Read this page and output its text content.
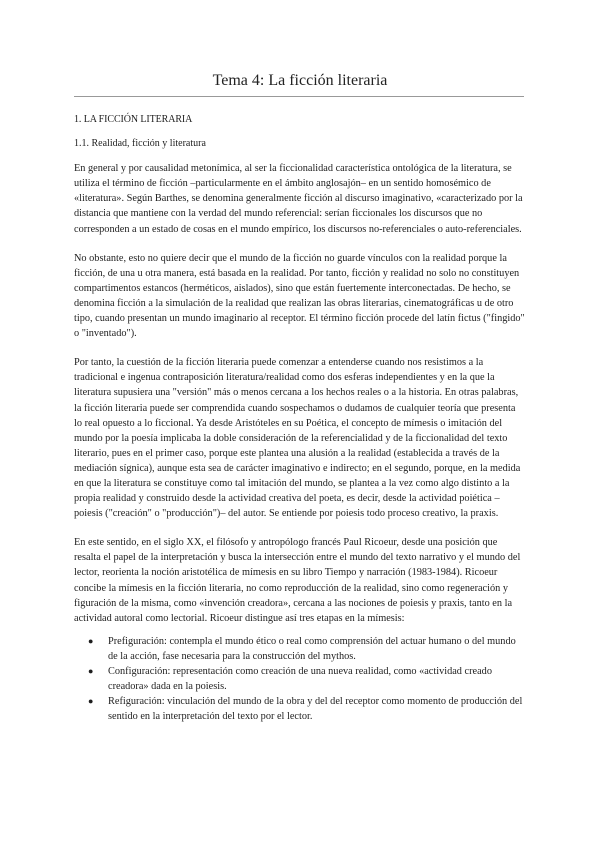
Tema 4: La ficción literaria

1. LA FICCIÓN LITERARIA

1.1. Realidad, ficción y literatura

En general y por causalidad metonímica, al ser la ficcionalidad característica ontológica de la literatura, se utiliza el término de ficción –particularmente en el ámbito anglosajón– en un sentido homosémico de «literatura». Según Barthes, se denomina generalmente ficción al discurso imaginativo, «caracterizado por la distancia que mantiene con la verdad del mundo referencial: serían ficcionales los discursos que no corresponden a un estado de cosas en el mundo empírico, los discursos no-referenciales o auto-referenciales.

No obstante, esto no quiere decir que el mundo de la ficción no guarde vínculos con la realidad porque la ficción, de una u otra manera, está basada en la realidad. Por tanto, ficción y realidad no solo no constituyen compartimentos estancos (herméticos, aislados), sino que están fuertemente interconectadas. De hecho, se denomina ficción a la simulación de la realidad que realizan las obras literarias, cinematográficas u de otro tipo, cuando presentan un mundo imaginario al receptor. El término ficción procede del latín fictus ("fingido" o "inventado").

Por tanto, la cuestión de la ficción literaria puede comenzar a entenderse cuando nos resistimos a la tradicional e ingenua contraposición literatura/realidad como dos esferas independientes y en la que la literatura supusiera una "versión" más o menos cercana a los hechos reales o a la historia. En otras palabras, la ficción literaria puede ser comprendida cuando sospechamos o dudamos de cualquier teoría que presenta lo real opuesto a lo ficcional. Ya desde Aristóteles en su Poética, el concepto de mímesis o imitación del mundo por la poesía implicaba la doble consideración de la referencialidad y de la ficcionalidad del texto literario, pues en el primer caso, porque este plantea una alusión a la realidad (establecida a través de la mediación sígnica), aunque esta sea de carácter imaginativo e indirecto; en el segundo, porque, en la medida en que la literatura se constituye como tal imitación del mundo, se plantea a la vez como algo distinto a la propia realidad y construido desde la actividad creativa del poeta, es decir, desde la actividad poiética –poiesis ("creación" o "producción")– del autor. Se entiende por poiesis todo proceso creativo, la praxis.

En este sentido, en el siglo XX, el filósofo y antropólogo francés Paul Ricoeur, desde una posición que resalta el papel de la interpretación y busca la intersección entre el mundo del texto narrativo y el mundo del lector, reorienta la noción aristotélica de mímesis en su libro Tiempo y narración (1983-1984). Ricoeur concibe la mímesis en la ficción literaria, no como reproducción de la realidad, sino como regeneración y figuración de la misma, como «invención creadora», cercana a las nociones de poiesis y praxis, tanto en la actividad autoral como lectorial. Ricoeur distingue así tres etapas en la mímesis:

● Prefiguración: contempla el mundo ético o real como comprensión del actuar humano o del mundo de la acción, fase necesaria para la construcción del mythos.
● Configuración: representación como creación de una nueva realidad, como «actividad creado creadora» dada en la poiesis.
● Refiguración: vinculación del mundo de la obra y del del receptor como momento de producción del sentido en la interpretación del texto por el lector.
